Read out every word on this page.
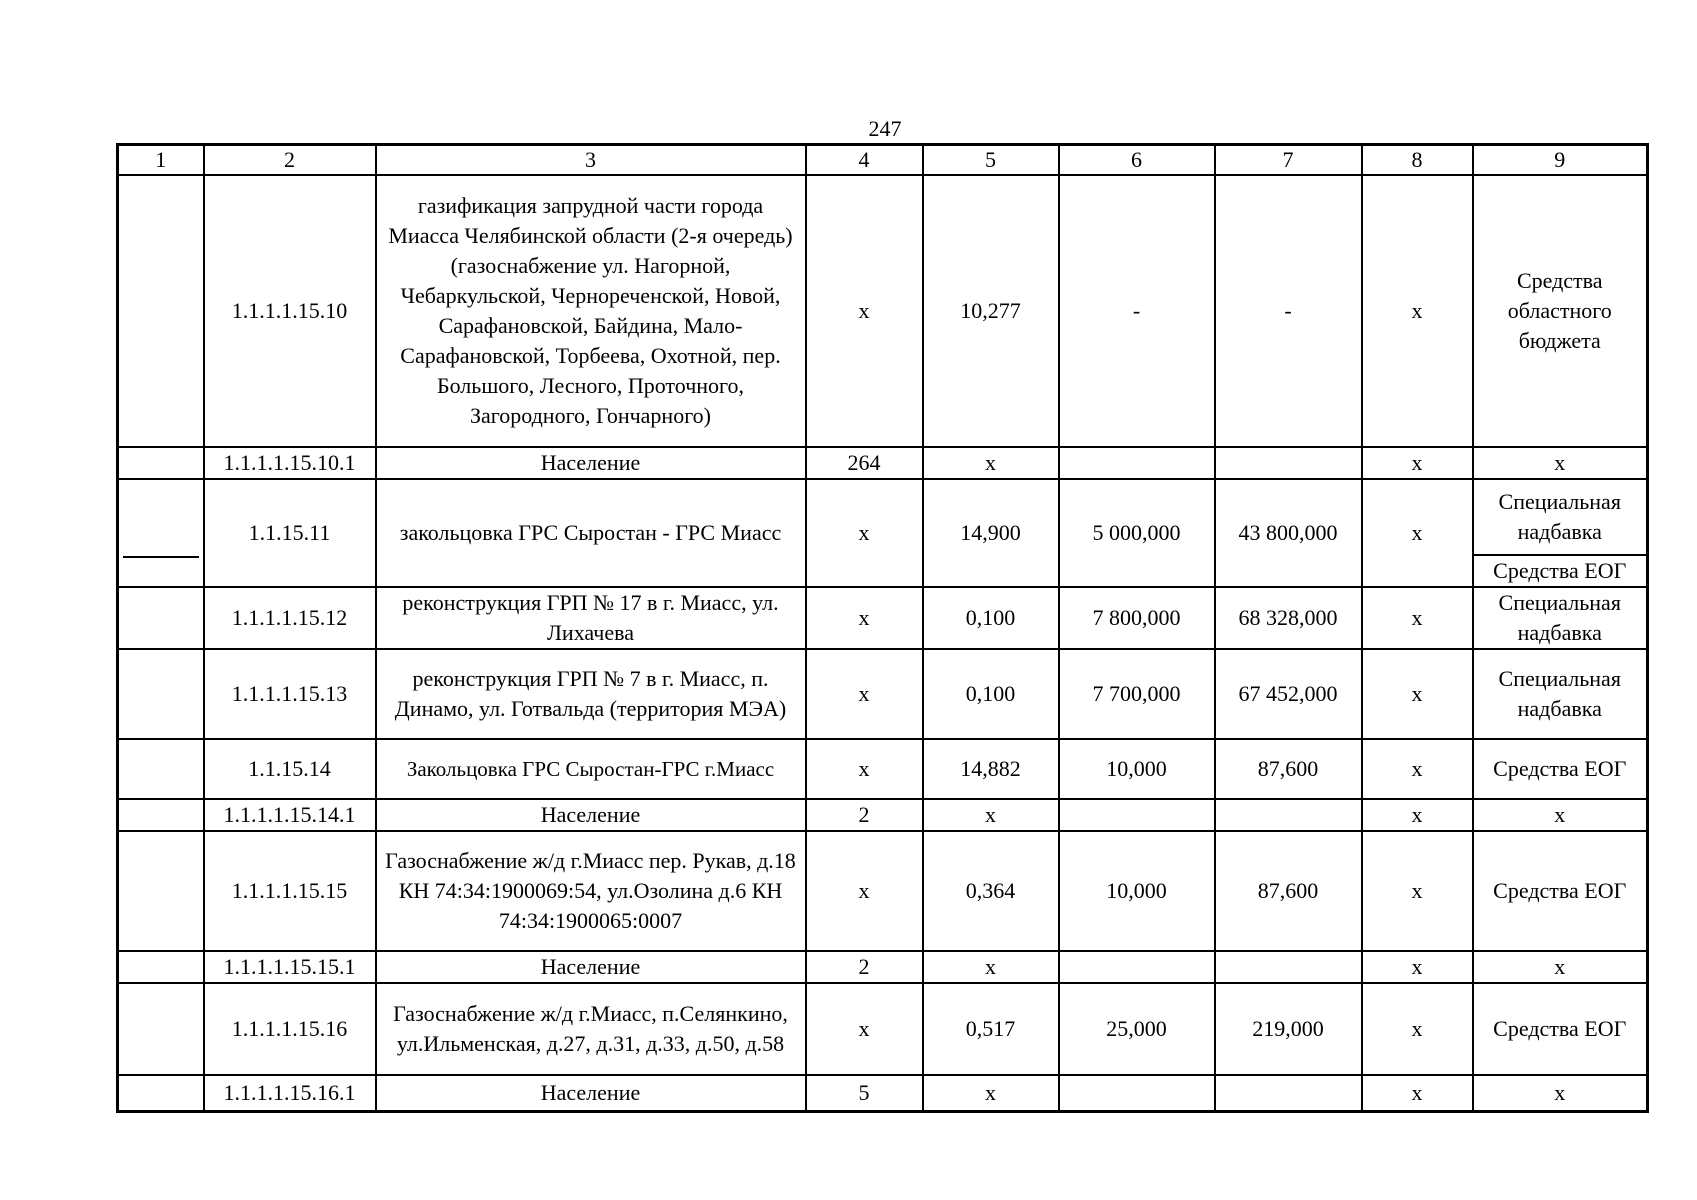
247
1	2	3	4	5	6	7	8	9
	1.1.1.1.15.10	газификация запрудной части города Миасса Челябинской области (2-я очередь) (газоснабжение ул. Нагорной, Чебаркульской, Чернореченской, Новой, Сарафановской, Байдина, Мало-Сарафановской, Торбеева, Охотной, пер. Большого, Лесного, Проточного, Загородного, Гончарного)	х	10,277	-	-	х	Средства областного бюджета
	1.1.1.1.15.10.1	Население	264	х			х	х

	1.1.15.11	закольцовка ГРС Сыростан - ГРС Миасс	х	14,900	5 000,000	43 800,000	х	Специальная надбавка
								Средства ЕОГ
	1.1.1.1.15.12	реконструкция ГРП № 17 в г. Миасс, ул. Лихачева	х	0,100	7 800,000	68 328,000	х	Специальная надбавка
	1.1.1.1.15.13	реконструкция ГРП № 7 в г. Миасс, п. Динамо, ул. Готвальда (территория МЭА)	х	0,100	7 700,000	67 452,000	х	Специальная надбавка
	1.1.15.14	Закольцовка ГРС Сыростан-ГРС г.Миасс	х	14,882	10,000	87,600	х	Средства ЕОГ
	1.1.1.1.15.14.1	Население	2	х			х	х
	1.1.1.1.15.15	Газоснабжение ж/д г.Миасс пер. Рукав, д.18 КН 74:34:1900069:54, ул.Озолина д.6 КН 74:34:1900065:0007	х	0,364	10,000	87,600	х	Средства ЕОГ
	1.1.1.1.15.15.1	Население	2	х			х	х
	1.1.1.1.15.16	Газоснабжение ж/д г.Миасс, п.Селянкино, ул.Ильменская, д.27, д.31, д.33, д.50, д.58	х	0,517	25,000	219,000	х	Средства ЕОГ
	1.1.1.1.15.16.1	Население	5	х			х	х
